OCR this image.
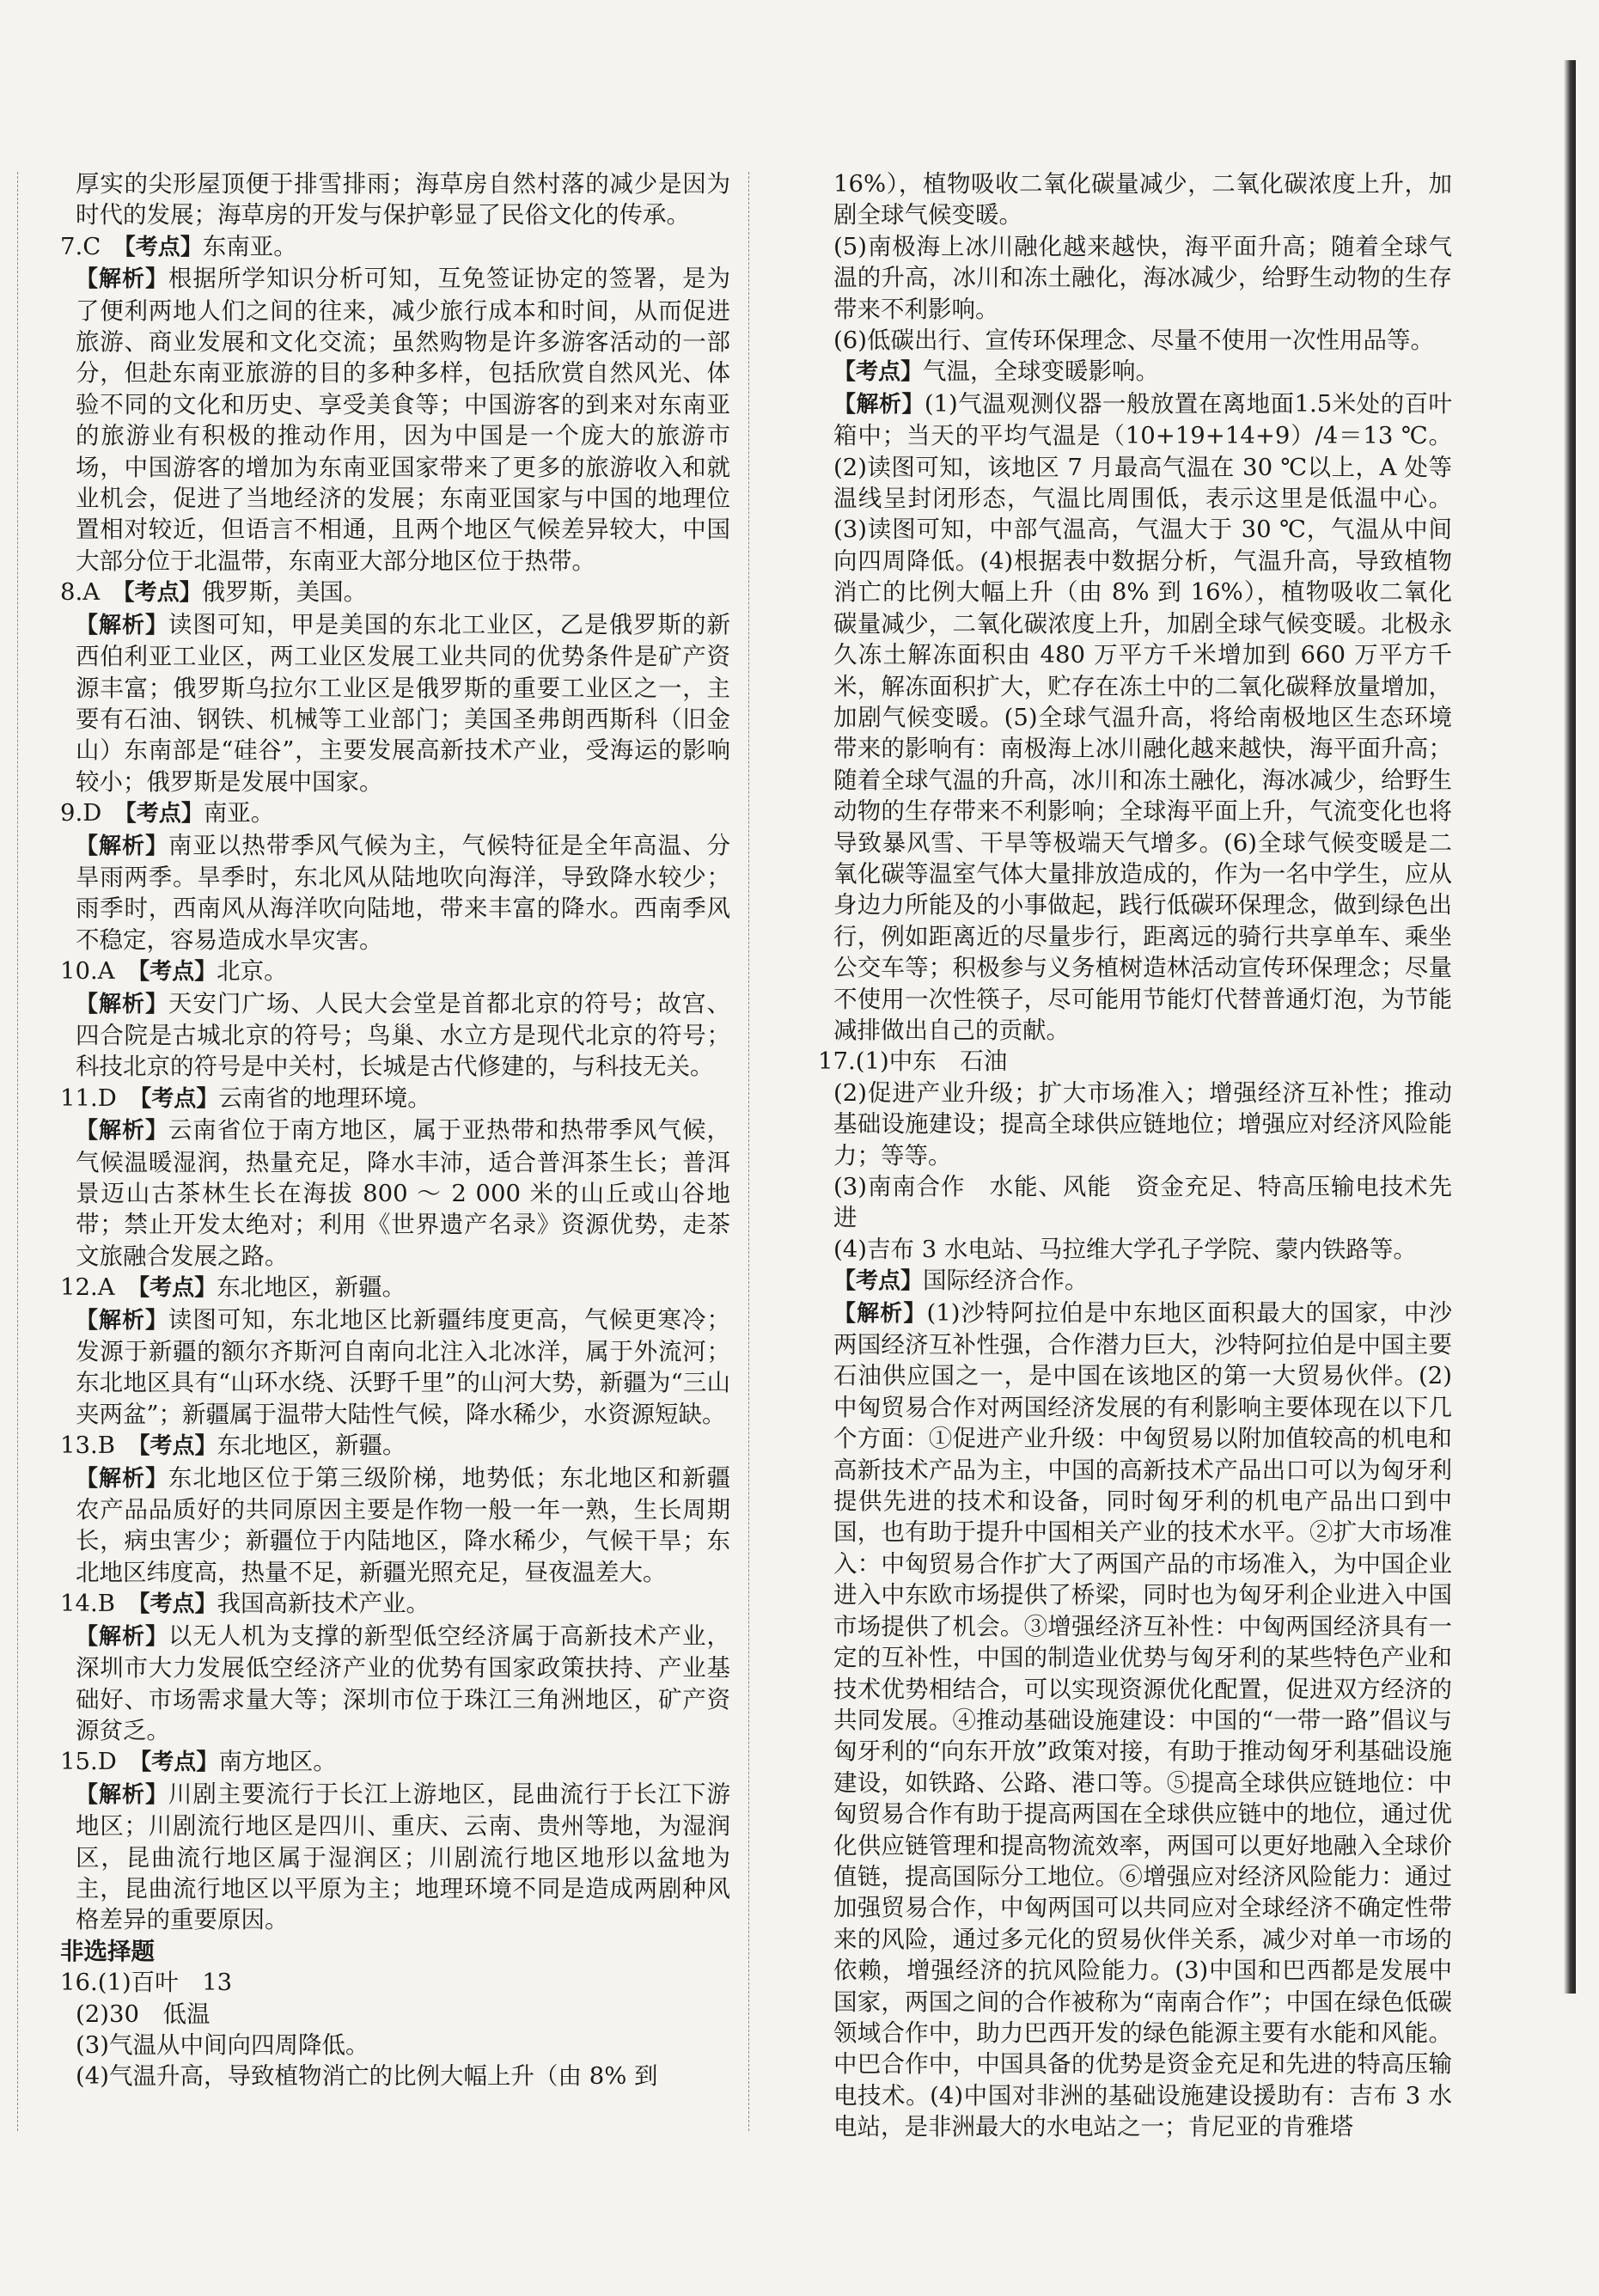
厚实的尖形屋顶便于排雪排雨；海草房自然村落的减少是因为时代的发展；海草房的开发与保护彰显了民俗文化的传承。

7.C　 【考点】东南亚。

【解析】根据所学知识分析可知，互免签证协定的签署，是为了便利两地人们之间的往来，减少旅行成本和时间，从而促进旅游、商业发展和文化交流；虽然购物是许多游客活动的一部分，但赴东南亚旅游的目的多种多样，包括欣赏自然风光、体验不同的文化和历史、享受美食等；中国游客的到来对东南亚的旅游业有积极的推动作用，因为中国是一个庞大的旅游市场，中国游客的增加为东南亚国家带来了更多的旅游收入和就业机会，促进了当地经济的发展；东南亚国家与中国的地理位置相对较近，但语言不相通，且两个地区气候差异较大，中国大部分位于北温带，东南亚大部分地区位于热带。

8.A　 【考点】俄罗斯，美国。

【解析】读图可知，甲是美国的东北工业区，乙是俄罗斯的新西伯利亚工业区，两工业区发展工业共同的优势条件是矿产资源丰富；俄罗斯乌拉尔工业区是俄罗斯的重要工业区之一，主要有石油、钢铁、机械等工业部门；美国圣弗朗西斯科（旧金山）东南部是“硅谷”，主要发展高新技术产业，受海运的影响较小；俄罗斯是发展中国家。

9.D　 【考点】南亚。

【解析】南亚以热带季风气候为主，气候特征是全年高温、分旱雨两季。旱季时，东北风从陆地吹向海洋，导致降水较少；雨季时，西南风从海洋吹向陆地，带来丰富的降水。西南季风不稳定，容易造成水旱灾害。

10.A　 【考点】北京。

【解析】天安门广场、人民大会堂是首都北京的符号；故宫、四合院是古城北京的符号；鸟巢、水立方是现代北京的符号；科技北京的符号是中关村，长城是古代修建的，与科技无关。

11.D　 【考点】云南省的地理环境。

【解析】云南省位于南方地区，属于亚热带和热带季风气候，气候温暖湿润，热量充足，降水丰沛，适合普洱茶生长；普洱景迈山古茶林生长在海拔 800 ～ 2 000 米的山丘或山谷地带；禁止开发太绝对；利用《世界遗产名录》资源优势，走茶文旅融合发展之路。

12.A　 【考点】东北地区，新疆。

【解析】读图可知，东北地区比新疆纬度更高，气候更寒冷；发源于新疆的额尔齐斯河自南向北注入北冰洋，属于外流河；东北地区具有“山环水绕、沃野千里”的山河大势，新疆为“三山夹两盆”；新疆属于温带大陆性气候，降水稀少，水资源短缺。

13.B　 【考点】东北地区，新疆。

【解析】东北地区位于第三级阶梯，地势低；东北地区和新疆农产品品质好的共同原因主要是作物一般一年一熟，生长周期长，病虫害少；新疆位于内陆地区，降水稀少，气候干旱；东北地区纬度高，热量不足，新疆光照充足，昼夜温差大。

14.B　 【考点】我国高新技术产业。

【解析】以无人机为支撑的新型低空经济属于高新技术产业，深圳市大力发展低空经济产业的优势有国家政策扶持、产业基础好、市场需求量大等；深圳市位于珠江三角洲地区，矿产资源贫乏。

15.D　 【考点】南方地区。

【解析】川剧主要流行于长江上游地区，昆曲流行于长江下游地区；川剧流行地区是四川、重庆、云南、贵州等地，为湿润区，昆曲流行地区属于湿润区；川剧流行地区地形以盆地为主，昆曲流行地区以平原为主；地理环境不同是造成两剧种风格差异的重要原因。

非选择题

16.(1)百叶　13

(2)30　低温

(3)气温从中间向四周降低。

(4)气温升高，导致植物消亡的比例大幅上升（由 8% 到

16%），植物吸收二氧化碳量减少，二氧化碳浓度上升，加剧全球气候变暖。

(5)南极海上冰川融化越来越快，海平面升高；随着全球气温的升高，冰川和冻土融化，海冰减少，给野生动物的生存带来不利影响。

(6)低碳出行、宣传环保理念、尽量不使用一次性用品等。

【考点】气温，全球变暖影响。

【解析】(1)气温观测仪器一般放置在离地面1.5米处的百叶箱中；当天的平均气温是（10+19+14+9）/4＝13 ℃。(2)读图可知，该地区 7 月最高气温在 30 ℃以上，A 处等温线呈封闭形态，气温比周围低，表示这里是低温中心。(3)读图可知，中部气温高，气温大于 30 ℃，气温从中间向四周降低。(4)根据表中数据分析，气温升高，导致植物消亡的比例大幅上升（由 8% 到 16%），植物吸收二氧化碳量减少，二氧化碳浓度上升，加剧全球气候变暖。北极永久冻土解冻面积由 480 万平方千米增加到 660 万平方千米，解冻面积扩大，贮存在冻土中的二氧化碳释放量增加，加剧气候变暖。(5)全球气温升高，将给南极地区生态环境带来的影响有：南极海上冰川融化越来越快，海平面升高；随着全球气温的升高，冰川和冻土融化，海冰减少，给野生动物的生存带来不利影响；全球海平面上升，气流变化也将导致暴风雪、干旱等极端天气增多。(6)全球气候变暖是二氧化碳等温室气体大量排放造成的，作为一名中学生，应从身边力所能及的小事做起，践行低碳环保理念，做到绿色出行，例如距离近的尽量步行，距离远的骑行共享单车、乘坐公交车等；积极参与义务植树造林活动宣传环保理念；尽量不使用一次性筷子，尽可能用节能灯代替普通灯泡，为节能减排做出自己的贡献。

17.(1)中东　石油

(2)促进产业升级；扩大市场准入；增强经济互补性；推动基础设施建设；提高全球供应链地位；增强应对经济风险能力；等等。

(3)南南合作　水能、风能　资金充足、特高压输电技术先进

(4)吉布 3 水电站、马拉维大学孔子学院、蒙内铁路等。

【考点】国际经济合作。

【解析】(1)沙特阿拉伯是中东地区面积最大的国家，中沙两国经济互补性强，合作潜力巨大，沙特阿拉伯是中国主要石油供应国之一，是中国在该地区的第一大贸易伙伴。(2)中匈贸易合作对两国经济发展的有利影响主要体现在以下几个方面：①促进产业升级：中匈贸易以附加值较高的机电和高新技术产品为主，中国的高新技术产品出口可以为匈牙利提供先进的技术和设备，同时匈牙利的机电产品出口到中国，也有助于提升中国相关产业的技术水平。②扩大市场准入：中匈贸易合作扩大了两国产品的市场准入，为中国企业进入中东欧市场提供了桥梁，同时也为匈牙利企业进入中国市场提供了机会。③增强经济互补性：中匈两国经济具有一定的互补性，中国的制造业优势与匈牙利的某些特色产业和技术优势相结合，可以实现资源优化配置，促进双方经济的共同发展。④推动基础设施建设：中国的“一带一路”倡议与匈牙利的“向东开放”政策对接，有助于推动匈牙利基础设施建设，如铁路、公路、港口等。⑤提高全球供应链地位：中匈贸易合作有助于提高两国在全球供应链中的地位，通过优化供应链管理和提高物流效率，两国可以更好地融入全球价值链，提高国际分工地位。⑥增强应对经济风险能力：通过加强贸易合作，中匈两国可以共同应对全球经济不确定性带来的风险，通过多元化的贸易伙伴关系，减少对单一市场的依赖，增强经济的抗风险能力。(3)中国和巴西都是发展中国家，两国之间的合作被称为“南南合作”；中国在绿色低碳领域合作中，助力巴西开发的绿色能源主要有水能和风能。中巴合作中，中国具备的优势是资金充足和先进的特高压输电技术。(4)中国对非洲的基础设施建设援助有：吉布 3 水电站，是非洲最大的水电站之一；肯尼亚的肯雅塔
